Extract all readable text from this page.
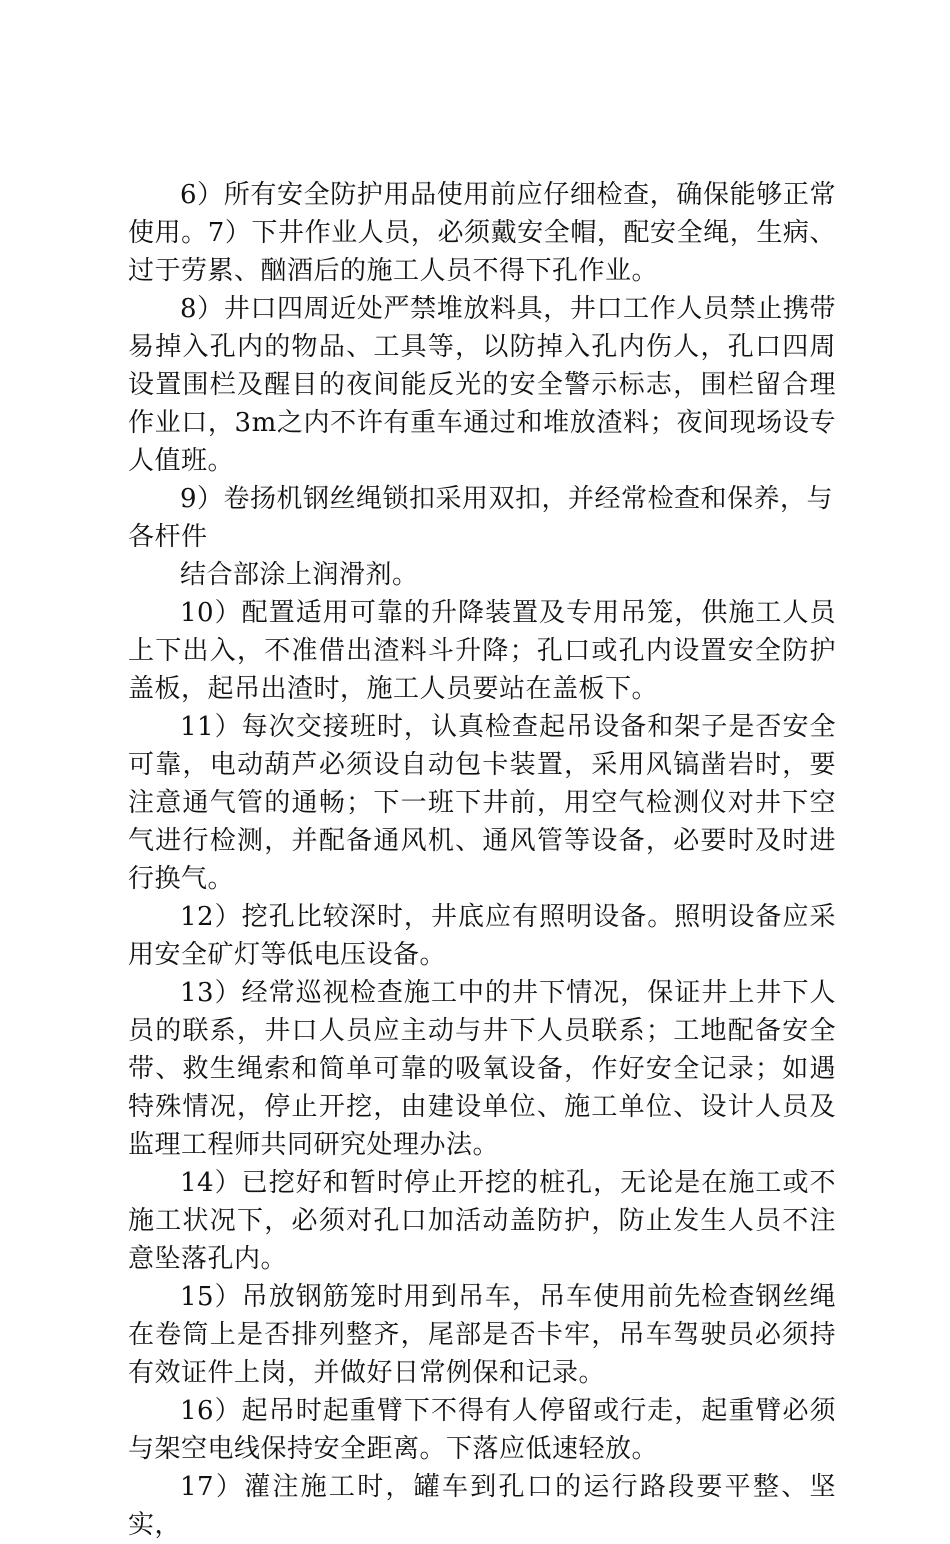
6）所有安全防护用品使用前应仔细检查，确保能够正常使用。7）下井作业人员，必须戴安全帽，配安全绳，生病、过于劳累、酗酒后的施工人员不得下孔作业。

8）井口四周近处严禁堆放料具，井口工作人员禁止携带易掉入孔内的物品、工具等，以防掉入孔内伤人，孔口四周设置围栏及醒目的夜间能反光的安全警示标志，围栏留合理作业口，3m之内不许有重车通过和堆放渣料；夜间现场设专人值班。

9）卷扬机钢丝绳锁扣采用双扣，并经常检查和保养，与各杆件

结合部涂上润滑剂。

10）配置适用可靠的升降装置及专用吊笼，供施工人员上下出入，不准借出渣料斗升降；孔口或孔内设置安全防护盖板，起吊出渣时，施工人员要站在盖板下。

11）每次交接班时，认真检查起吊设备和架子是否安全可靠，电动葫芦必须设自动包卡装置，采用风镐凿岩时，要注意通气管的通畅；下一班下井前，用空气检测仪对井下空气进行检测，并配备通风机、通风管等设备，必要时及时进行换气。

12）挖孔比较深时，井底应有照明设备。照明设备应采用安全矿灯等低电压设备。

13）经常巡视检查施工中的井下情况，保证井上井下人员的联系，井口人员应主动与井下人员联系；工地配备安全带、救生绳索和简单可靠的吸氧设备，作好安全记录；如遇特殊情况，停止开挖，由建设单位、施工单位、设计人员及监理工程师共同研究处理办法。

14）已挖好和暂时停止开挖的桩孔，无论是在施工或不施工状况下，必须对孔口加活动盖防护，防止发生人员不注意坠落孔内。

15）吊放钢筋笼时用到吊车，吊车使用前先检查钢丝绳在卷筒上是否排列整齐，尾部是否卡牢，吊车驾驶员必须持有效证件上岗，并做好日常例保和记录。

16）起吊时起重臂下不得有人停留或行走，起重臂必须与架空电线保持安全距离。下落应低速轻放。

17）灌注施工时，罐车到孔口的运行路段要平整、坚实，
